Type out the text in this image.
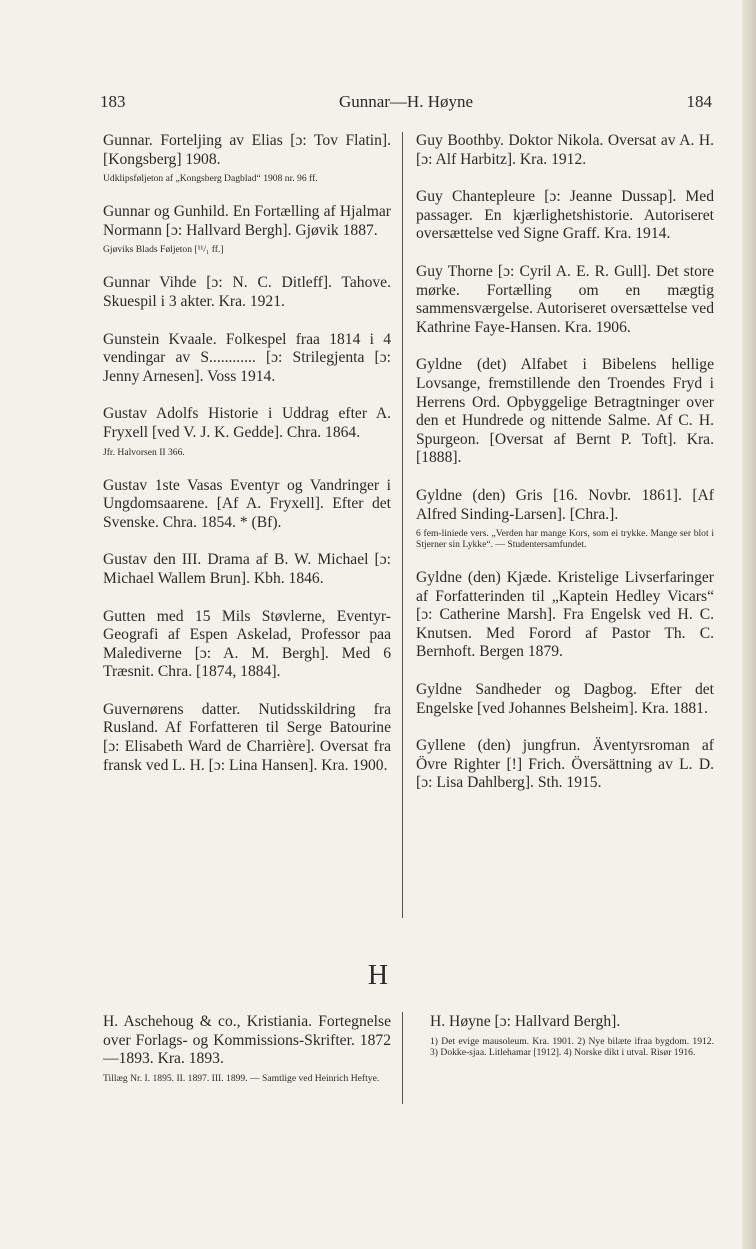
183	Gunnar—H. Høyne	184
Gunnar. Forteljing av Elias [ɔ: Tov Flatin]. [Kongsberg] 1908.
Udklipsføljeton af „Kongsberg Dagblad“ 1908 nr. 96 ff.
Gunnar og Gunhild. En Fortælling af Hjalmar Normann [ɔ: Hallvard Bergh]. Gjøvik 1887.
Gjøviks Blads Føljeton [¹¹/₁ ff.]
Gunnar Vihde [ɔ: N. C. Ditleff]. Tahove. Skuespil i 3 akter. Kra. 1921.
Gunstein Kvaale. Folkespel fraa 1814 i 4 vendingar av S............ [ɔ: Strilegjenta [ɔ: Jenny Arnesen]. Voss 1914.
Gustav Adolfs Historie i Uddrag efter A. Fryxell [ved V. J. K. Gedde]. Chra. 1864.
Jfr. Halvorsen II 366.
Gustav 1ste Vasas Eventyr og Vandringer i Ungdomsaarene. [Af A. Fryxell]. Efter det Svenske. Chra. 1854. * (Bf).
Gustav den III. Drama af B. W. Michael [ɔ: Michael Wallem Brun]. Kbh. 1846.
Gutten med 15 Mils Støvlerne, Eventyr-Geografi af Espen Askelad, Professor paa Malediverne [ɔ: A. M. Bergh]. Med 6 Træsnit. Chra. [1874, 1884].
Guvernørens datter. Nutidsskildring fra Rusland. Af Forfatteren til Serge Batourine [ɔ: Elisabeth Ward de Charrière]. Oversat fra fransk ved L. H. [ɔ: Lina Hansen]. Kra. 1900.
Guy Boothby. Doktor Nikola. Oversat av A. H. [ɔ: Alf Harbitz]. Kra. 1912.
Guy Chantepleure [ɔ: Jeanne Dussap]. Med passager. En kjærlighetshistorie. Autoriseret oversættelse ved Signe Graff. Kra. 1914.
Guy Thorne [ɔ: Cyril A. E. R. Gull]. Det store mørke. Fortælling om en mægtig sammensværgelse. Autoriseret oversættelse ved Kathrine Faye-Hansen. Kra. 1906.
Gyldne (det) Alfabet i Bibelens hellige Lovsange, fremstillende den Troendes Fryd i Herrens Ord. Opbyggelige Betragtninger over den et Hundrede og nittende Salme. Af C. H. Spurgeon. [Oversat af Bernt P. Toft]. Kra. [1888].
Gyldne (den) Gris [16. Novbr. 1861]. [Af Alfred Sinding-Larsen]. [Chra.].
6 fem-liniede vers. „Verden har mange Kors, som ei trykke. Mange ser blot i Stjerner sin Lykke“. — Studentersamfundet.
Gyldne (den) Kjæde. Kristelige Livserfaringer af Forfatterinden til „Kaptein Hedley Vicars“ [ɔ: Catherine Marsh]. Fra Engelsk ved H. C. Knutsen. Med Forord af Pastor Th. C. Bernhoft. Bergen 1879.
Gyldne Sandheder og Dagbog. Efter det Engelske [ved Johannes Belsheim]. Kra. 1881.
Gyllene (den) jungfrun. Äventyrsroman af Övre Righter [!] Frich. Översättning av L. D. [ɔ: Lisa Dahlberg]. Sth. 1915.
H
H. Aschehoug & co., Kristiania. Fortegnelse over Forlags- og Kommissions-Skrifter. 1872—1893. Kra. 1893.
Tillæg Nr. I. 1895. II. 1897. III. 1899. — Samtlige ved Heinrich Heftye.
H. Høyne [ɔ: Hallvard Bergh].
1) Det evige mausoleum. Kra. 1901. 2) Nye bilæte ifraa bygdom. 1912. 3) Dokke-sjaa. Litlehamar [1912]. 4) Norske dikt i utval. Risør 1916.
